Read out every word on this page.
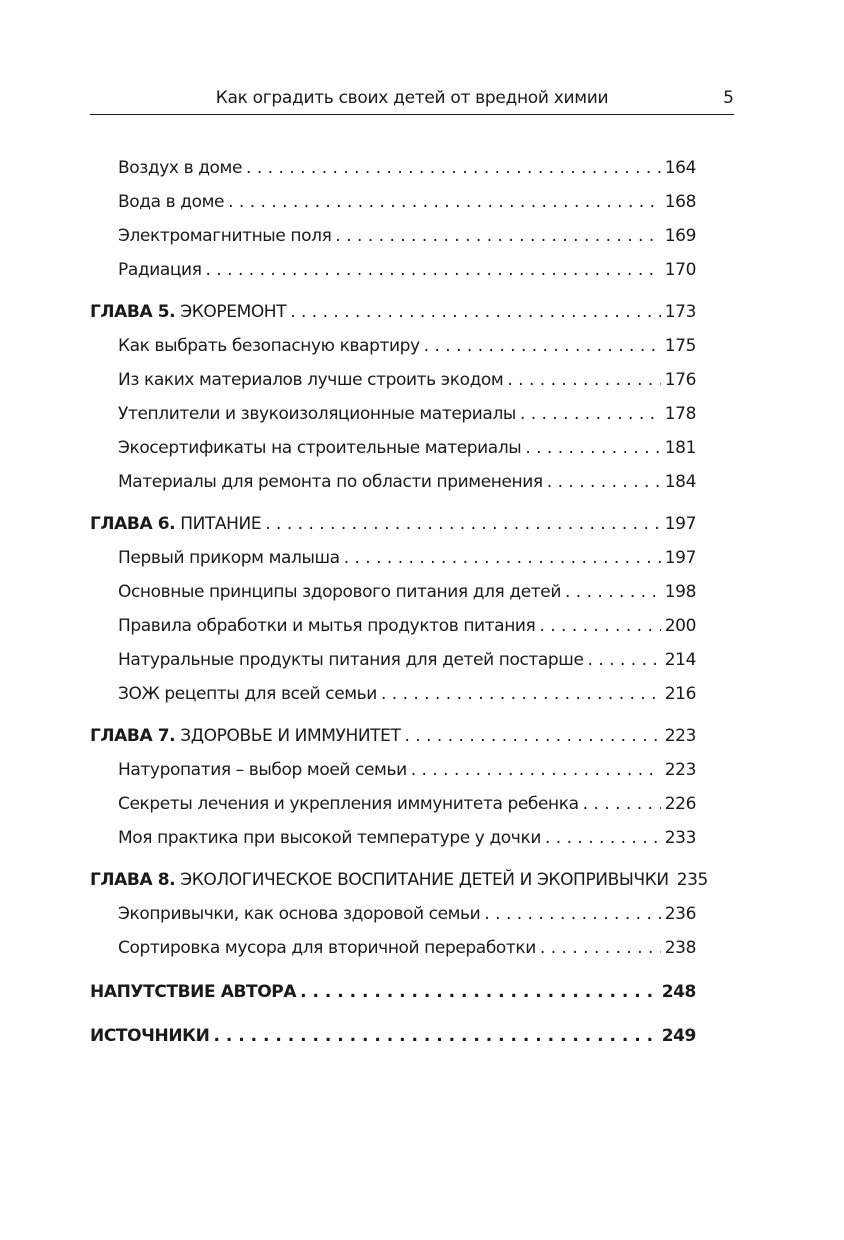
Как оградить своих детей от вредной химии	5
Воздух в доме . . .	164
Вода в доме . . .	168
Электромагнитные поля . . .	169
Радиация . . .	170
ГЛАВА 5. ЭКОРЕМОНТ . . .	173
Как выбрать безопасную квартиру . . .	175
Из каких материалов лучше строить экодом . . .	176
Утеплители и звукоизоляционные материалы . . .	178
Экосертификаты на строительные материалы . . .	181
Материалы для ремонта по области применения . . .	184
ГЛАВА 6. ПИТАНИЕ . . .	197
Первый прикорм малыша . . .	197
Основные принципы здорового питания для детей . . .	198
Правила обработки и мытья продуктов питания . . .	200
Натуральные продукты питания для детей постарше . . .	214
ЗОЖ рецепты для всей семьи . . .	216
ГЛАВА 7. ЗДОРОВЬЕ И ИММУНИТЕТ . . .	223
Натуропатия – выбор моей семьи . . .	223
Секреты лечения и укрепления иммунитета ребенка . . .	226
Моя практика при высокой температуре у дочки . . .	233
ГЛАВА 8. ЭКОЛОГИЧЕСКОЕ ВОСПИТАНИЕ ДЕТЕЙ И ЭКОПРИВЫЧКИ 235
Экопривычки, как основа здоровой семьи . . .	236
Сортировка мусора для вторичной переработки . . .	238
НАПУТСТВИЕ АВТОРА . . .	248
ИСТОЧНИКИ . . .	249
